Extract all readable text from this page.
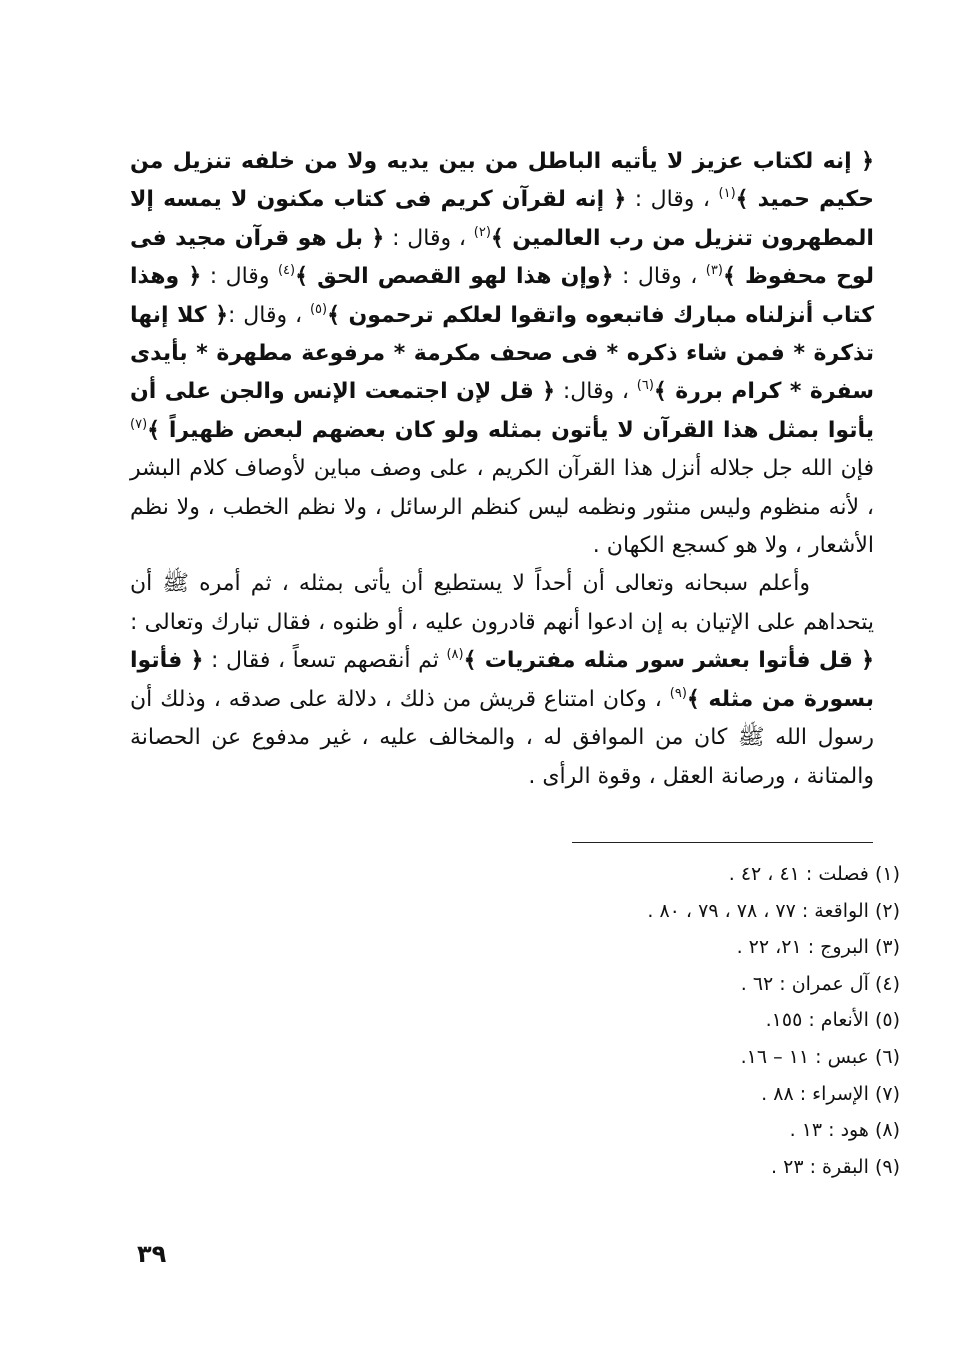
﴿ إنه لكتاب عزيز لا يأتيه الباطل من بين يديه ولا من خلفه تنزيل من حكيم حميد ﴾$^{(١)}$ ، وقال : ﴿ إنه لقرآن كريم فى كتاب مكنون لا يمسه إلا المطهرون تنزيل من رب العالمين ﴾$^{(٢)}$ ، وقال : ﴿ بل هو قرآن مجيد فى لوح محفوظ ﴾$^{(٣)}$ ، وقال : ﴿وإن هذا لهو القصص الحق ﴾$^{(٤)}$ وقال : ﴿ وهذا كتاب أنزلناه مبارك فاتبعوه واتقوا لعلكم ترحمون ﴾$^{(٥)}$ ، وقال :﴿ كلا إنها تذكرة * فمن شاء ذكره * فى صحف مكرمة * مرفوعة مطهرة * بأيدى سفرة * كرام بررة ﴾$^{(٦)}$ ، وقال: ﴿ قل لإن اجتمعت الإنس والجن على أن يأتوا بمثل هذا القرآن لا يأتون بمثله ولو كان بعضهم لبعض ظهيراً ﴾$^{(٧)}$ فإن الله جل جلاله أنزل هذا القرآن الكريم ، على وصف مباين لأوصاف كلام البشر ، لأنه منظوم وليس منثور ونظمه ليس كنظم الرسائل ، ولا نظم الخطب ، ولا نظم الأشعار ، ولا هو كسجع الكهان .

وأعلم سبحانه وتعالى أن أحداً لا يستطيع أن يأتى بمثله ، ثم أمره ﷺ أن يتحداهم على الإتيان به إن ادعوا أنهم قادرون عليه ، أو ظنوه ، فقال تبارك وتعالى : ﴿ قل فأتوا بعشر سور مثله مفتريات ﴾$^{(٨)}$ ثم أنقصهم تسعاً ، فقال : ﴿ فأتوا بسورة من مثله ﴾$^{(٩)}$ ، وكان امتناع قريش من ذلك ، دلالة على صدقه ، وذلك أن رسول الله ﷺ كان من الموافق له ، والمخالف عليه ، غير مدفوع عن الحصانة والمتانة ، ورصانة العقل ، وقوة الرأى .

(١) فصلت : ٤١ ، ٤٢ .
(٢) الواقعة : ٧٧ ، ٧٨ ، ٧٩ ، ٨٠ .
(٣) البروج : ٢١، ٢٢ .
(٤) آل عمران : ٦٢ .
(٥) الأنعام : ١٥٥.
(٦) عبس : ١١ – ١٦.
(٧) الإسراء : ٨٨ .
(٨) هود : ١٣ .
(٩) البقرة : ٢٣ .
٣٩
